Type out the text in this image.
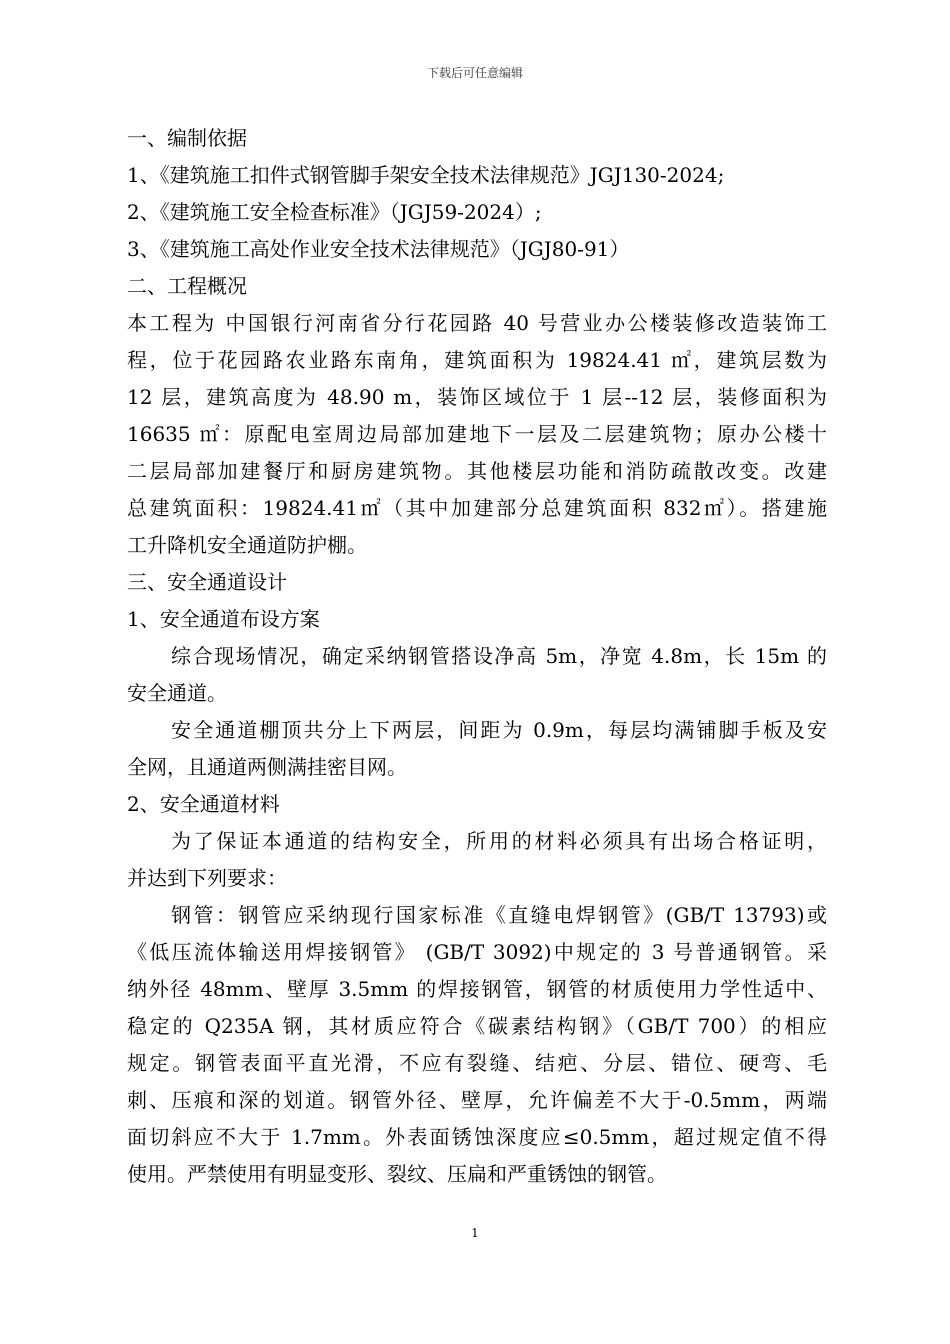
下载后可任意编辑
一、编制依据
1、《建筑施工扣件式钢管脚手架安全技术法律规范》JGJ130-2024;
2、《建筑施工安全检查标准》（JGJ59-2024）;
3、《建筑施工高处作业安全技术法律规范》（JGJ80-91）
二、工程概况
本工程为 中国银行河南省分行花园路 40 号营业办公楼装修改造装饰工
程，位于花园路农业路东南角，建筑面积为 19824.41 ㎡，建筑层数为
12 层，建筑高度为 48.90 m，装饰区域位于 1 层--12 层，装修面积为
16635 ㎡：原配电室周边局部加建地下一层及二层建筑物；原办公楼十
二层局部加建餐厅和厨房建筑物。其他楼层功能和消防疏散改变。改建
总建筑面积：19824.41㎡（其中加建部分总建筑面积 832㎡）。搭建施
工升降机安全通道防护棚。
三、安全通道设计
1、安全通道布设方案
综合现场情况，确定采纳钢管搭设净高 5m，净宽 4.8m，长 15m 的
安全通道。
安全通道棚顶共分上下两层，间距为 0.9m，每层均满铺脚手板及安
全网，且通道两侧满挂密目网。
2、安全通道材料
为了保证本通道的结构安全，所用的材料必须具有出场合格证明，
并达到下列要求：
钢管：钢管应采纳现行国家标准《直缝电焊钢管》(GB/T 13793)或
《低压流体输送用焊接钢管》 (GB/T 3092)中规定的 3 号普通钢管。采
纳外径 48mm、壁厚 3.5mm 的焊接钢管，钢管的材质使用力学性适中、
稳定的 Q235A 钢，其材质应符合《碳素结构钢》（GB/T 700）的相应
规定。钢管表面平直光滑，不应有裂缝、结疤、分层、错位、硬弯、毛
刺、压痕和深的划道。钢管外径、壁厚，允许偏差不大于-0.5mm，两端
面切斜应不大于 1.7mm。外表面锈蚀深度应≤0.5mm，超过规定值不得
使用。严禁使用有明显变形、裂纹、压扁和严重锈蚀的钢管。
1
